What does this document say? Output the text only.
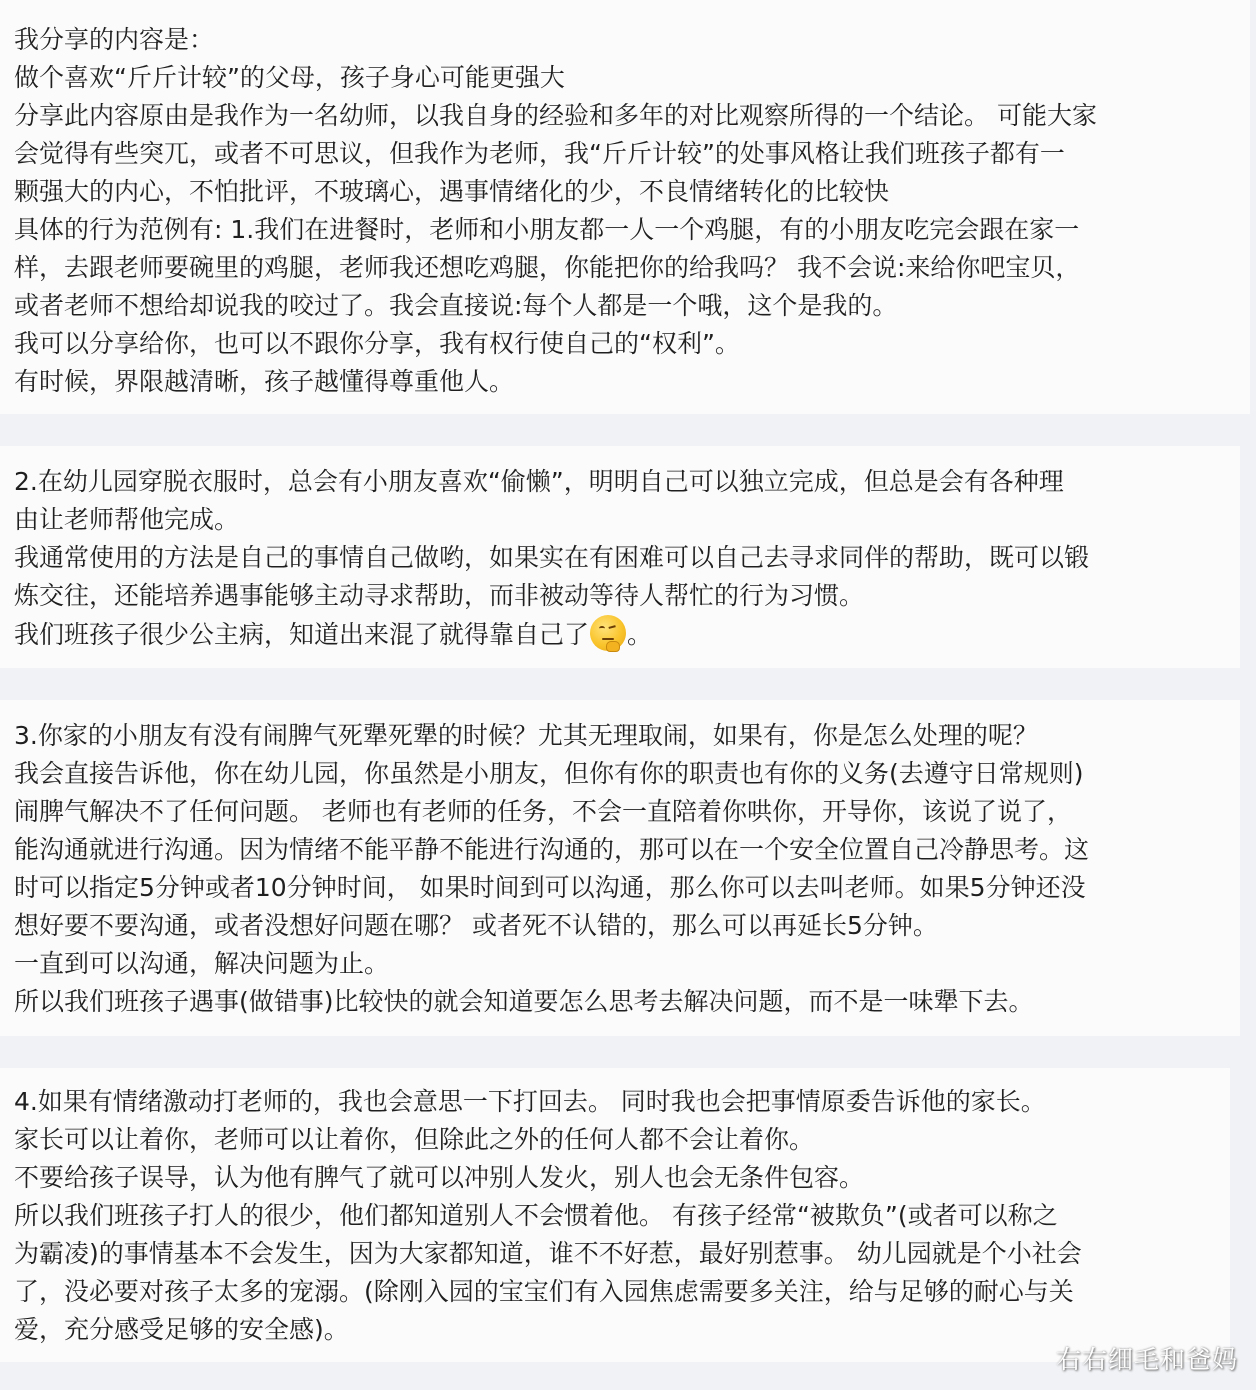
我分享的内容是：
做个喜欢“斤斤计较”的父母，孩子身心可能更强大
分享此内容原由是我作为一名幼师，以我自身的经验和多年的对比观察所得的一个结论。 可能大家
会觉得有些突兀，或者不可思议，但我作为老师，我“斤斤计较”的处事风格让我们班孩子都有一
颗强大的内心，不怕批评，不玻璃心，遇事情绪化的少，不良情绪转化的比较快
具体的行为范例有: 1.我们在进餐时，老师和小朋友都一人一个鸡腿，有的小朋友吃完会跟在家一
样，去跟老师要碗里的鸡腿，老师我还想吃鸡腿，你能把你的给我吗？ 我不会说:来给你吧宝贝，
或者老师不想给却说我的咬过了。我会直接说:每个人都是一个哦，这个是我的。
我可以分享给你，也可以不跟你分享，我有权行使自己的“权利”。
有时候，界限越清晰，孩子越懂得尊重他人。
2.在幼儿园穿脱衣服时，总会有小朋友喜欢“偷懒”，明明自己可以独立完成，但总是会有各种理
由让老师帮他完成。
我通常使用的方法是自己的事情自己做哟，如果实在有困难可以自己去寻求同伴的帮助，既可以锻
炼交往，还能培养遇事能够主动寻求帮助，而非被动等待人帮忙的行为习惯。
我们班孩子很少公主病，知道出来混了就得靠自己了 。
3.你家的小朋友有没有闹脾气死犟死犟的时候？尤其无理取闹，如果有，你是怎么处理的呢？
我会直接告诉他，你在幼儿园，你虽然是小朋友，但你有你的职责也有你的义务(去遵守日常规则)
闹脾气解决不了任何问题。 老师也有老师的任务，不会一直陪着你哄你，开导你，该说了说了，
能沟通就进行沟通。因为情绪不能平静不能进行沟通的，那可以在一个安全位置自己冷静思考。这
时可以指定5分钟或者10分钟时间， 如果时间到可以沟通，那么你可以去叫老师。如果5分钟还没
想好要不要沟通，或者没想好问题在哪？ 或者死不认错的，那么可以再延长5分钟。
一直到可以沟通，解决问题为止。
所以我们班孩子遇事(做错事)比较快的就会知道要怎么思考去解决问题，而不是一味犟下去。
4.如果有情绪激动打老师的，我也会意思一下打回去。 同时我也会把事情原委告诉他的家长。
家长可以让着你，老师可以让着你，但除此之外的任何人都不会让着你。
不要给孩子误导，认为他有脾气了就可以冲别人发火，别人也会无条件包容。
所以我们班孩子打人的很少，他们都知道别人不会惯着他。 有孩子经常“被欺负”(或者可以称之
为霸凌)的事情基本不会发生，因为大家都知道，谁不不好惹，最好别惹事。 幼儿园就是个小社会
了，没必要对孩子太多的宠溺。(除刚入园的宝宝们有入园焦虑需要多关注，给与足够的耐心与关
爱，充分感受足够的安全感)。
右右细毛和爸妈
